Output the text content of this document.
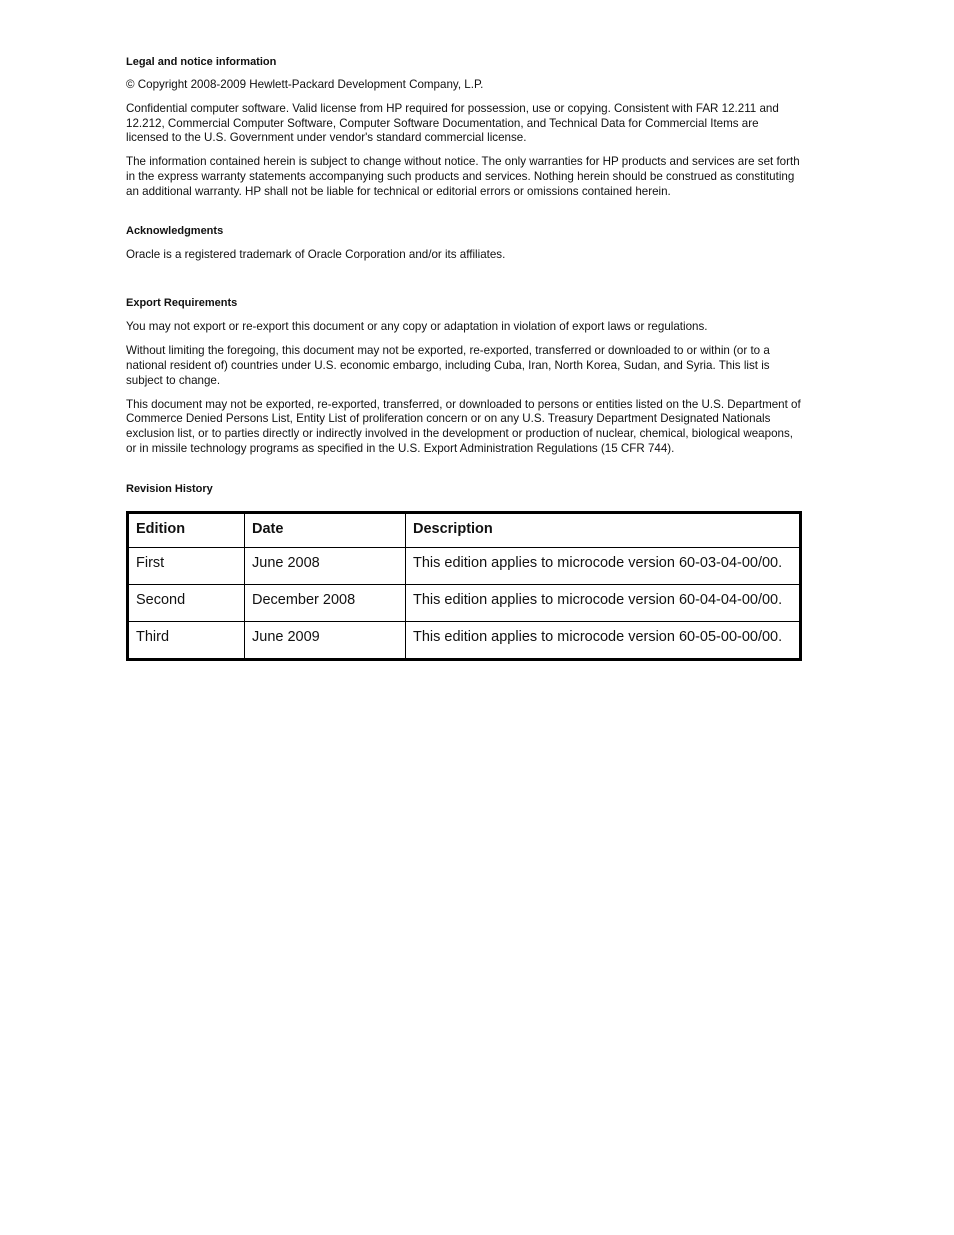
Legal and notice information

© Copyright 2008-2009 Hewlett-Packard Development Company, L.P.

Confidential computer software. Valid license from HP required for possession, use or copying. Consistent with FAR 12.211 and 12.212, Commercial Computer Software, Computer Software Documentation, and Technical Data for Commercial Items are licensed to the U.S. Government under vendor's standard commercial license.

The information contained herein is subject to change without notice. The only warranties for HP products and services are set forth in the express warranty statements accompanying such products and services. Nothing herein should be construed as constituting an additional warranty. HP shall not be liable for technical or editorial errors or omissions contained herein.

Acknowledgments

Oracle is a registered trademark of Oracle Corporation and/or its affiliates.

Export Requirements

You may not export or re-export this document or any copy or adaptation in violation of export laws or regulations.

Without limiting the foregoing, this document may not be exported, re-exported, transferred or downloaded to or within (or to a national resident of) countries under U.S. economic embargo, including Cuba, Iran, North Korea, Sudan, and Syria. This list is subject to change.

This document may not be exported, re-exported, transferred, or downloaded to persons or entities listed on the U.S. Department of Commerce Denied Persons List, Entity List of proliferation concern or on any U.S. Treasury Department Designated Nationals exclusion list, or to parties directly or indirectly involved in the development or production of nuclear, chemical, biological weapons, or in missile technology programs as specified in the U.S. Export Administration Regulations (15 CFR 744).

Revision History

Edition	Date	Description
First	June 2008	This edition applies to microcode version 60-03-04-00/00.
Second	December 2008	This edition applies to microcode version 60-04-04-00/00.
Third	June 2009	This edition applies to microcode version 60-05-00-00/00.
